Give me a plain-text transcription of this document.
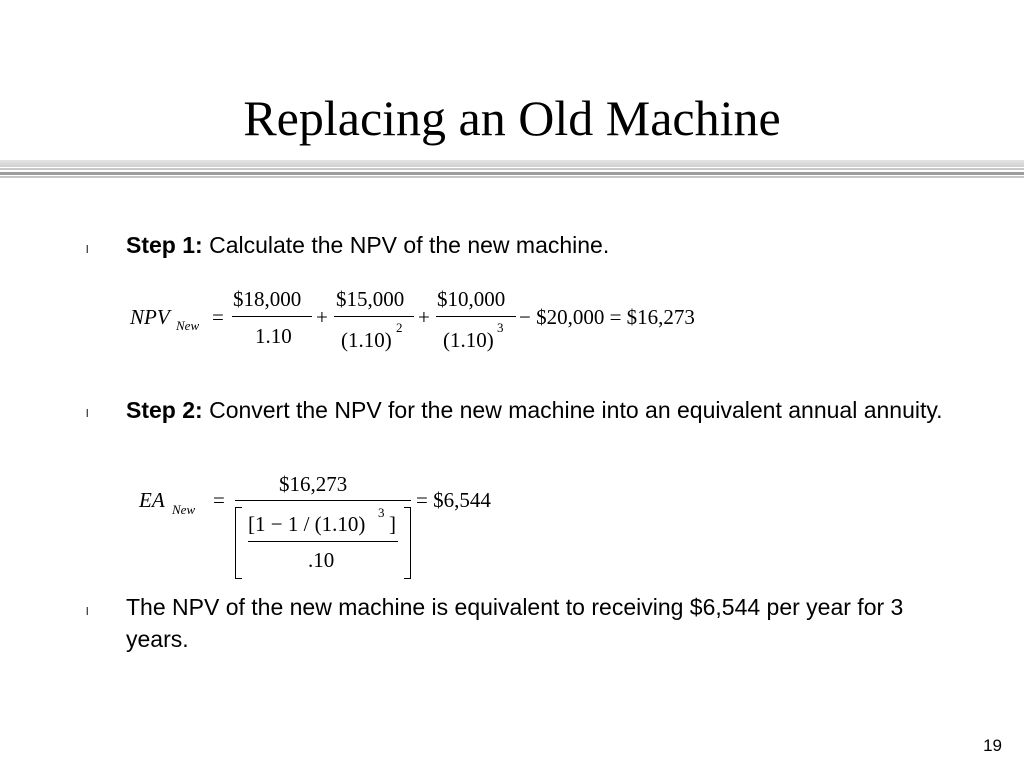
Replacing an Old Machine
l Step 1: Calculate the NPV of the new machine.
NPV New =
$18,000
1.10
+
$15,000
(1.10)
2 +
$10,000
(1.10)
3 − $20,000 = $16,273
l Step 2: Convert the NPV for the new machine into an equivalent annual annuity.
EA New =
$16,273
[1 − 1 / (1.10) 3 ]
.10
= $6,544
l The NPV of the new machine is equivalent to receiving $6,544 per year for 3 years.
19
